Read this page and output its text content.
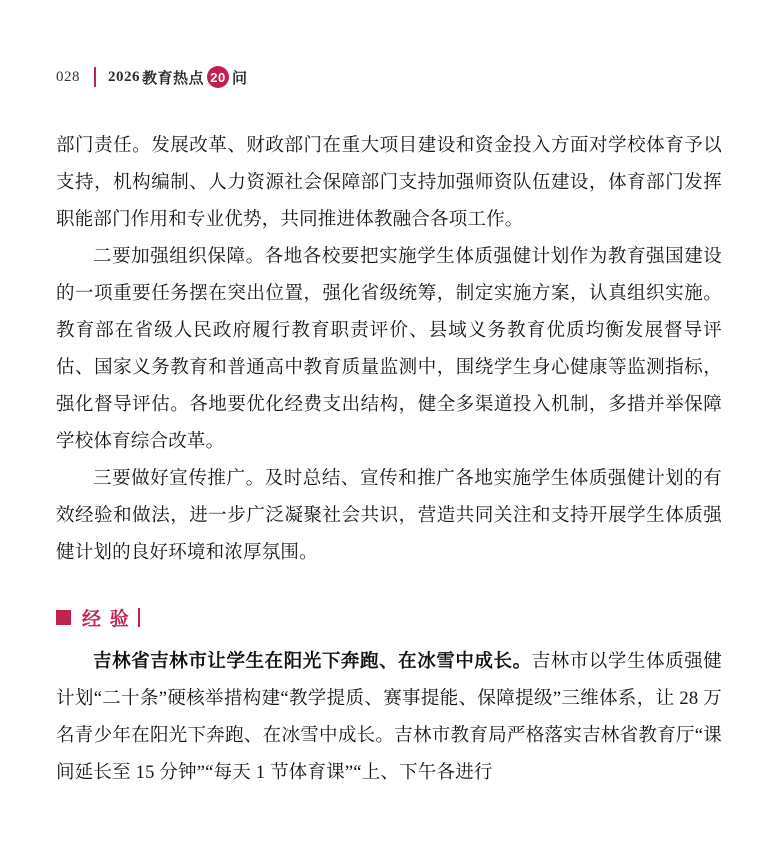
028 2026 教育热点 20 问

部门责任。发展改革、财政部门在重大项目建设和资金投入方面对学校体育予以支持，机构编制、人力资源社会保障部门支持加强师资队伍建设，体育部门发挥职能部门作用和专业优势，共同推进体教融合各项工作。

二要加强组织保障。各地各校要把实施学生体质强健计划作为教育强国建设的一项重要任务摆在突出位置，强化省级统筹，制定实施方案，认真组织实施。教育部在省级人民政府履行教育职责评价、县域义务教育优质均衡发展督导评估、国家义务教育和普通高中教育质量监测中，围绕学生身心健康等监测指标，强化督导评估。各地要优化经费支出结构，健全多渠道投入机制，多措并举保障学校体育综合改革。

三要做好宣传推广。及时总结、宣传和推广各地实施学生体质强健计划的有效经验和做法，进一步广泛凝聚社会共识，营造共同关注和支持开展学生体质强健计划的良好环境和浓厚氛围。

经 验

吉林省吉林市让学生在阳光下奔跑、在冰雪中成长。吉林市以学生体质强健计划“二十条”硬核举措构建“教学提质、赛事提能、保障提级”三维体系，让 28 万名青少年在阳光下奔跑、在冰雪中成长。吉林市教育局严格落实吉林省教育厅“课间延长至 15 分钟”“每天 1 节体育课”“上、下午各进行
